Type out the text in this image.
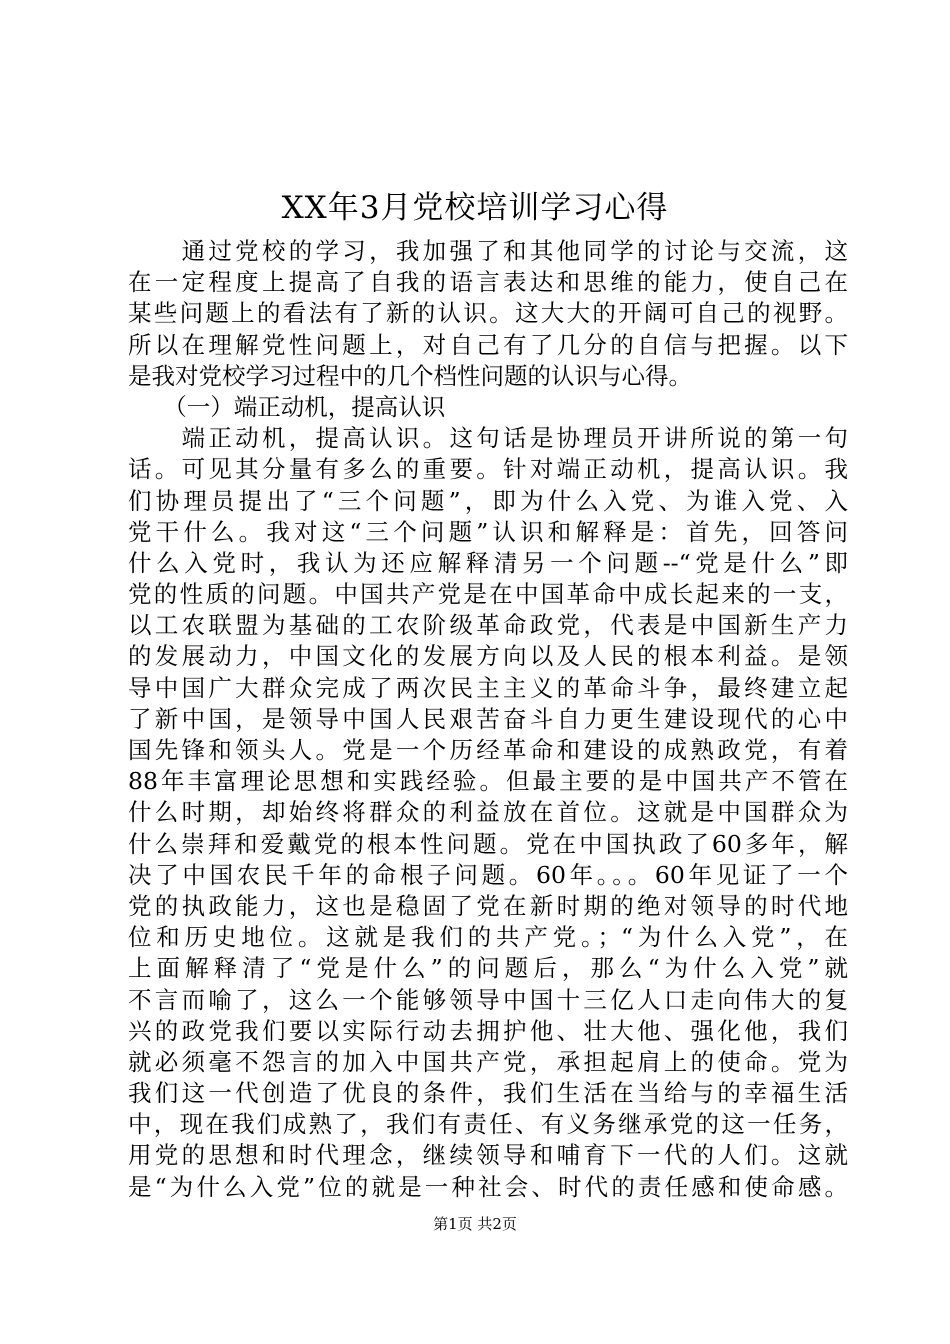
XX年3月党校培训学习心得
　　通过党校的学习，我加强了和其他同学的讨论与交流，这
在一定程度上提高了自我的语言表达和思维的能力，使自己在
某些问题上的看法有了新的认识。这大大的开阔可自己的视野。
所以在理解党性问题上，对自己有了几分的自信与把握。以下
是我对党校学习过程中的几个档性问题的认识与心得。
　　（一）端正动机，提高认识
　　端正动机，提高认识。这句话是协理员开讲所说的第一句
话。可见其分量有多么的重要。针对端正动机，提高认识。我
们协理员提出了“三个问题”，即为什么入党、为谁入党、入
党干什么。我对这“三个问题”认识和解释是：首先，回答问
什么入党时，我认为还应解释清另一个问题--“党是什么”即
党的性质的问题。中国共产党是在中国革命中成长起来的一支，
以工农联盟为基础的工农阶级革命政党，代表是中国新生产力
的发展动力，中国文化的发展方向以及人民的根本利益。是领
导中国广大群众完成了两次民主主义的革命斗争，最终建立起
了新中国，是领导中国人民艰苦奋斗自力更生建设现代的心中
国先锋和领头人。党是一个历经革命和建设的成熟政党，有着
88年丰富理论思想和实践经验。但最主要的是中国共产不管在
什么时期，却始终将群众的利益放在首位。这就是中国群众为
什么崇拜和爱戴党的根本性问题。党在中国执政了60多年，解
决了中国农民千年的命根子问题。60年。。。60年见证了一个
党的执政能力，这也是稳固了党在新时期的绝对领导的时代地
位和历史地位。这就是我们的共产党。；“为什么入党”，在
上面解释清了“党是什么”的问题后，那么“为什么入党”就
不言而喻了，这么一个能够领导中国十三亿人口走向伟大的复
兴的政党我们要以实际行动去拥护他、壮大他、强化他，我们
就必须毫不怨言的加入中国共产党，承担起肩上的使命。党为
我们这一代创造了优良的条件，我们生活在当给与的幸福生活
中，现在我们成熟了，我们有责任、有义务继承党的这一任务，
用党的思想和时代理念，继续领导和哺育下一代的人们。这就
是“为什么入党”位的就是一种社会、时代的责任感和使命感。
第1页 共2页
